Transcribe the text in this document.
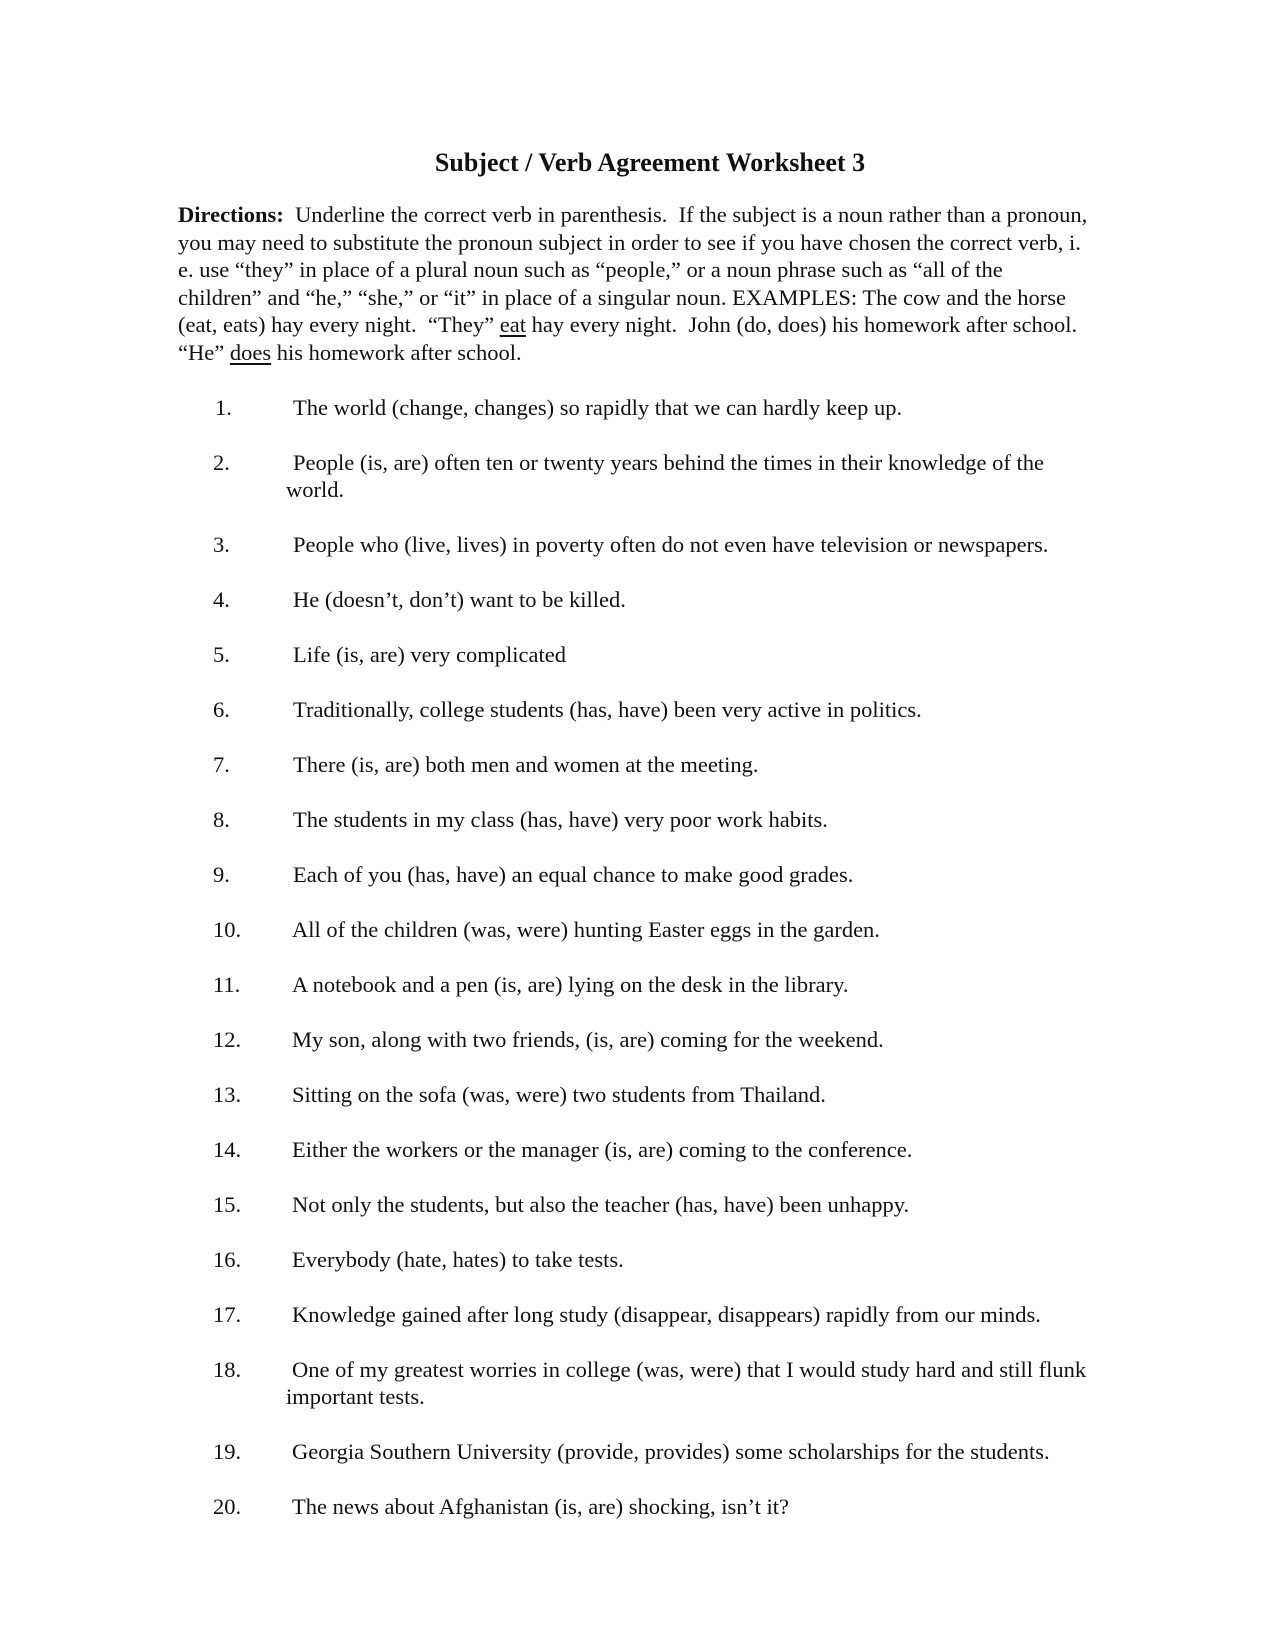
Subject / Verb Agreement Worksheet 3

Directions:  Underline the correct verb in parenthesis.  If the subject is a noun rather than a pronoun,
you may need to substitute the pronoun subject in order to see if you have chosen the correct verb, i.
e. use “they” in place of a plural noun such as “people,” or a noun phrase such as “all of the
children” and “he,” “she,” or “it” in place of a singular noun. EXAMPLES: The cow and the horse
(eat, eats) hay every night.  “They” eat hay every night.  John (do, does) his homework after school.
“He” does his homework after school.

1.	The world (change, changes) so rapidly that we can hardly keep up.
2.	People (is, are) often ten or twenty years behind the times in their knowledge of the
world.
3.	People who (live, lives) in poverty often do not even have television or newspapers.
4.	He (doesn’t, don’t) want to be killed.
5.	Life (is, are) very complicated
6.	Traditionally, college students (has, have) been very active in politics.
7.	There (is, are) both men and women at the meeting.
8.	The students in my class (has, have) very poor work habits.
9.	Each of you (has, have) an equal chance to make good grades.
10. All of the children (was, were) hunting Easter eggs in the garden.
11. A notebook and a pen (is, are) lying on the desk in the library.
12. My son, along with two friends, (is, are) coming for the weekend.
13. Sitting on the sofa (was, were) two students from Thailand.
14. Either the workers or the manager (is, are) coming to the conference.
15. Not only the students, but also the teacher (has, have) been unhappy.
16. Everybody (hate, hates) to take tests.
17. Knowledge gained after long study (disappear, disappears) rapidly from our minds.
18. One of my greatest worries in college (was, were) that I would study hard and still flunk
important tests.
19. Georgia Southern University (provide, provides) some scholarships for the students.
20. The news about Afghanistan (is, are) shocking, isn’t it?
